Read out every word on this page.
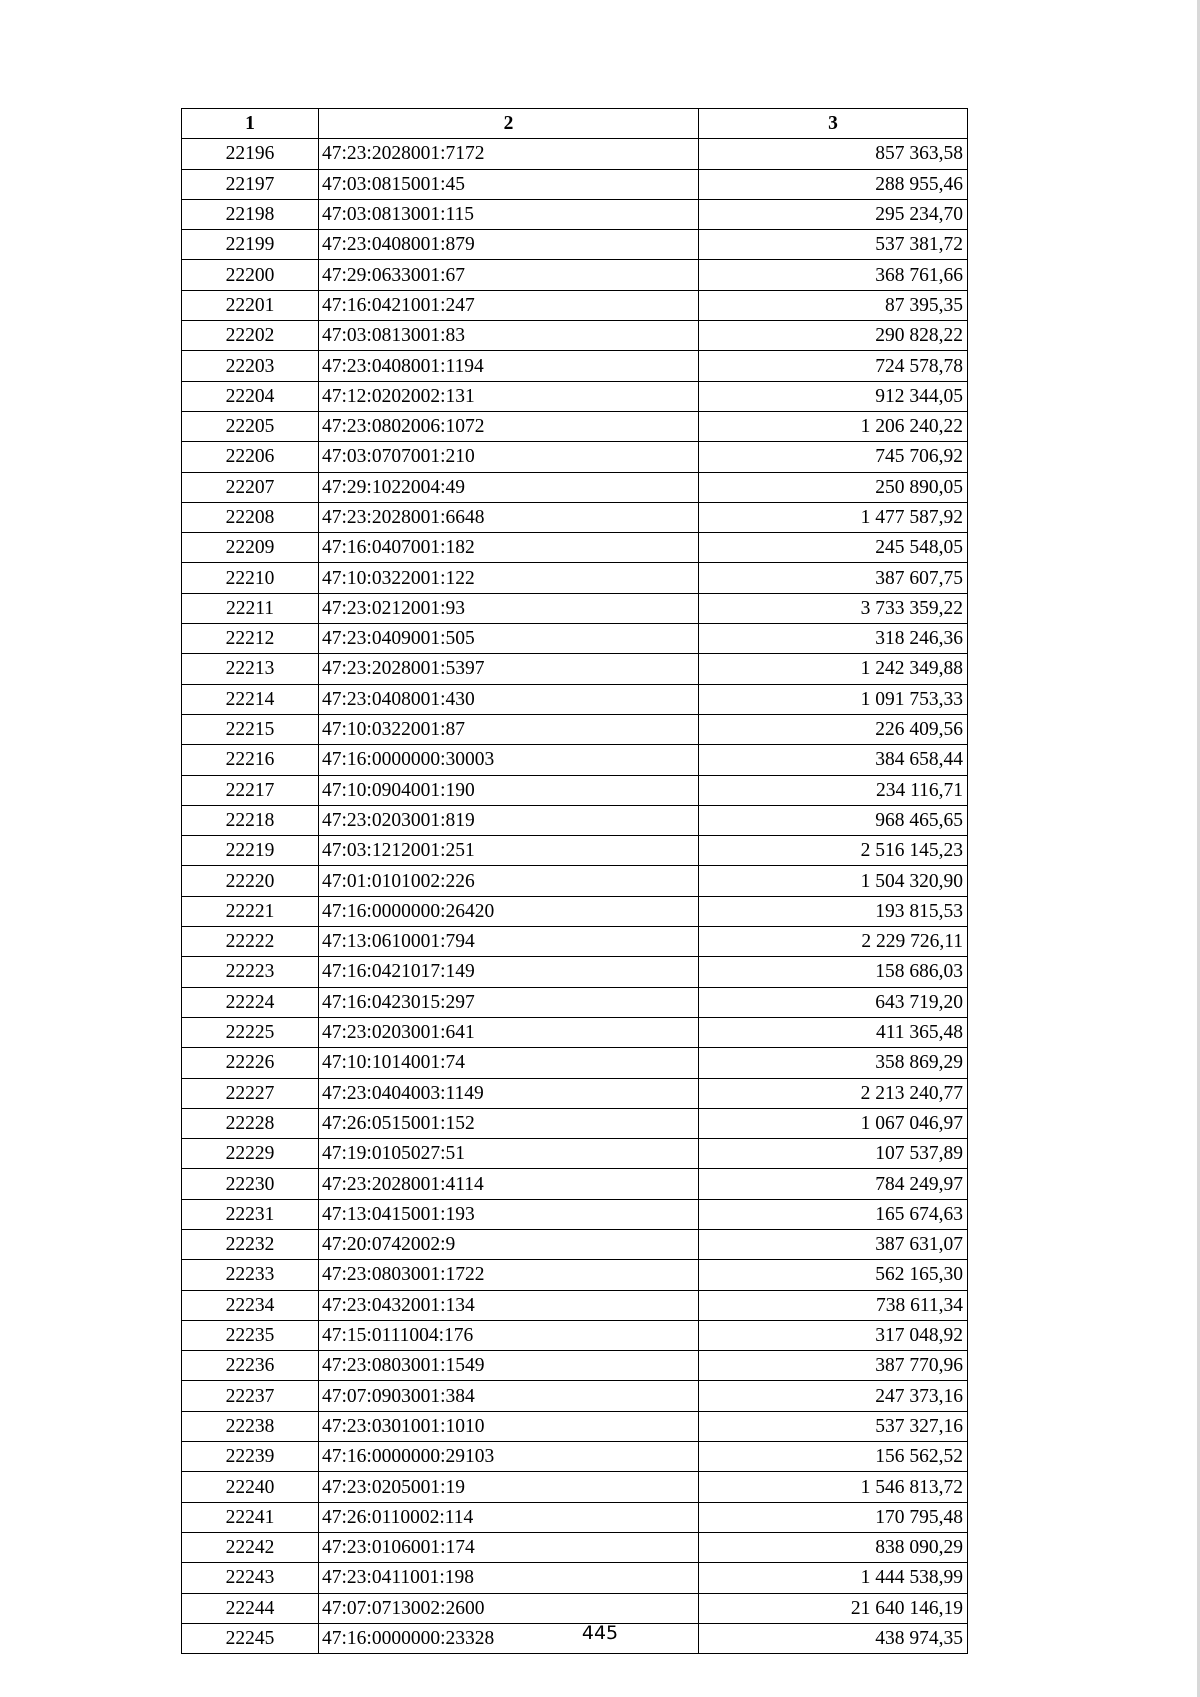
1	2	3
22196	47:23:2028001:7172	857 363,58
22197	47:03:0815001:45	288 955,46
22198	47:03:0813001:115	295 234,70
22199	47:23:0408001:879	537 381,72
22200	47:29:0633001:67	368 761,66
22201	47:16:0421001:247	87 395,35
22202	47:03:0813001:83	290 828,22
22203	47:23:0408001:1194	724 578,78
22204	47:12:0202002:131	912 344,05
22205	47:23:0802006:1072	1 206 240,22
22206	47:03:0707001:210	745 706,92
22207	47:29:1022004:49	250 890,05
22208	47:23:2028001:6648	1 477 587,92
22209	47:16:0407001:182	245 548,05
22210	47:10:0322001:122	387 607,75
22211	47:23:0212001:93	3 733 359,22
22212	47:23:0409001:505	318 246,36
22213	47:23:2028001:5397	1 242 349,88
22214	47:23:0408001:430	1 091 753,33
22215	47:10:0322001:87	226 409,56
22216	47:16:0000000:30003	384 658,44
22217	47:10:0904001:190	234 116,71
22218	47:23:0203001:819	968 465,65
22219	47:03:1212001:251	2 516 145,23
22220	47:01:0101002:226	1 504 320,90
22221	47:16:0000000:26420	193 815,53
22222	47:13:0610001:794	2 229 726,11
22223	47:16:0421017:149	158 686,03
22224	47:16:0423015:297	643 719,20
22225	47:23:0203001:641	411 365,48
22226	47:10:1014001:74	358 869,29
22227	47:23:0404003:1149	2 213 240,77
22228	47:26:0515001:152	1 067 046,97
22229	47:19:0105027:51	107 537,89
22230	47:23:2028001:4114	784 249,97
22231	47:13:0415001:193	165 674,63
22232	47:20:0742002:9	387 631,07
22233	47:23:0803001:1722	562 165,30
22234	47:23:0432001:134	738 611,34
22235	47:15:0111004:176	317 048,92
22236	47:23:0803001:1549	387 770,96
22237	47:07:0903001:384	247 373,16
22238	47:23:0301001:1010	537 327,16
22239	47:16:0000000:29103	156 562,52
22240	47:23:0205001:19	1 546 813,72
22241	47:26:0110002:114	170 795,48
22242	47:23:0106001:174	838 090,29
22243	47:23:0411001:198	1 444 538,99
22244	47:07:0713002:2600	21 640 146,19
22245	47:16:0000000:23328	438 974,35
445
